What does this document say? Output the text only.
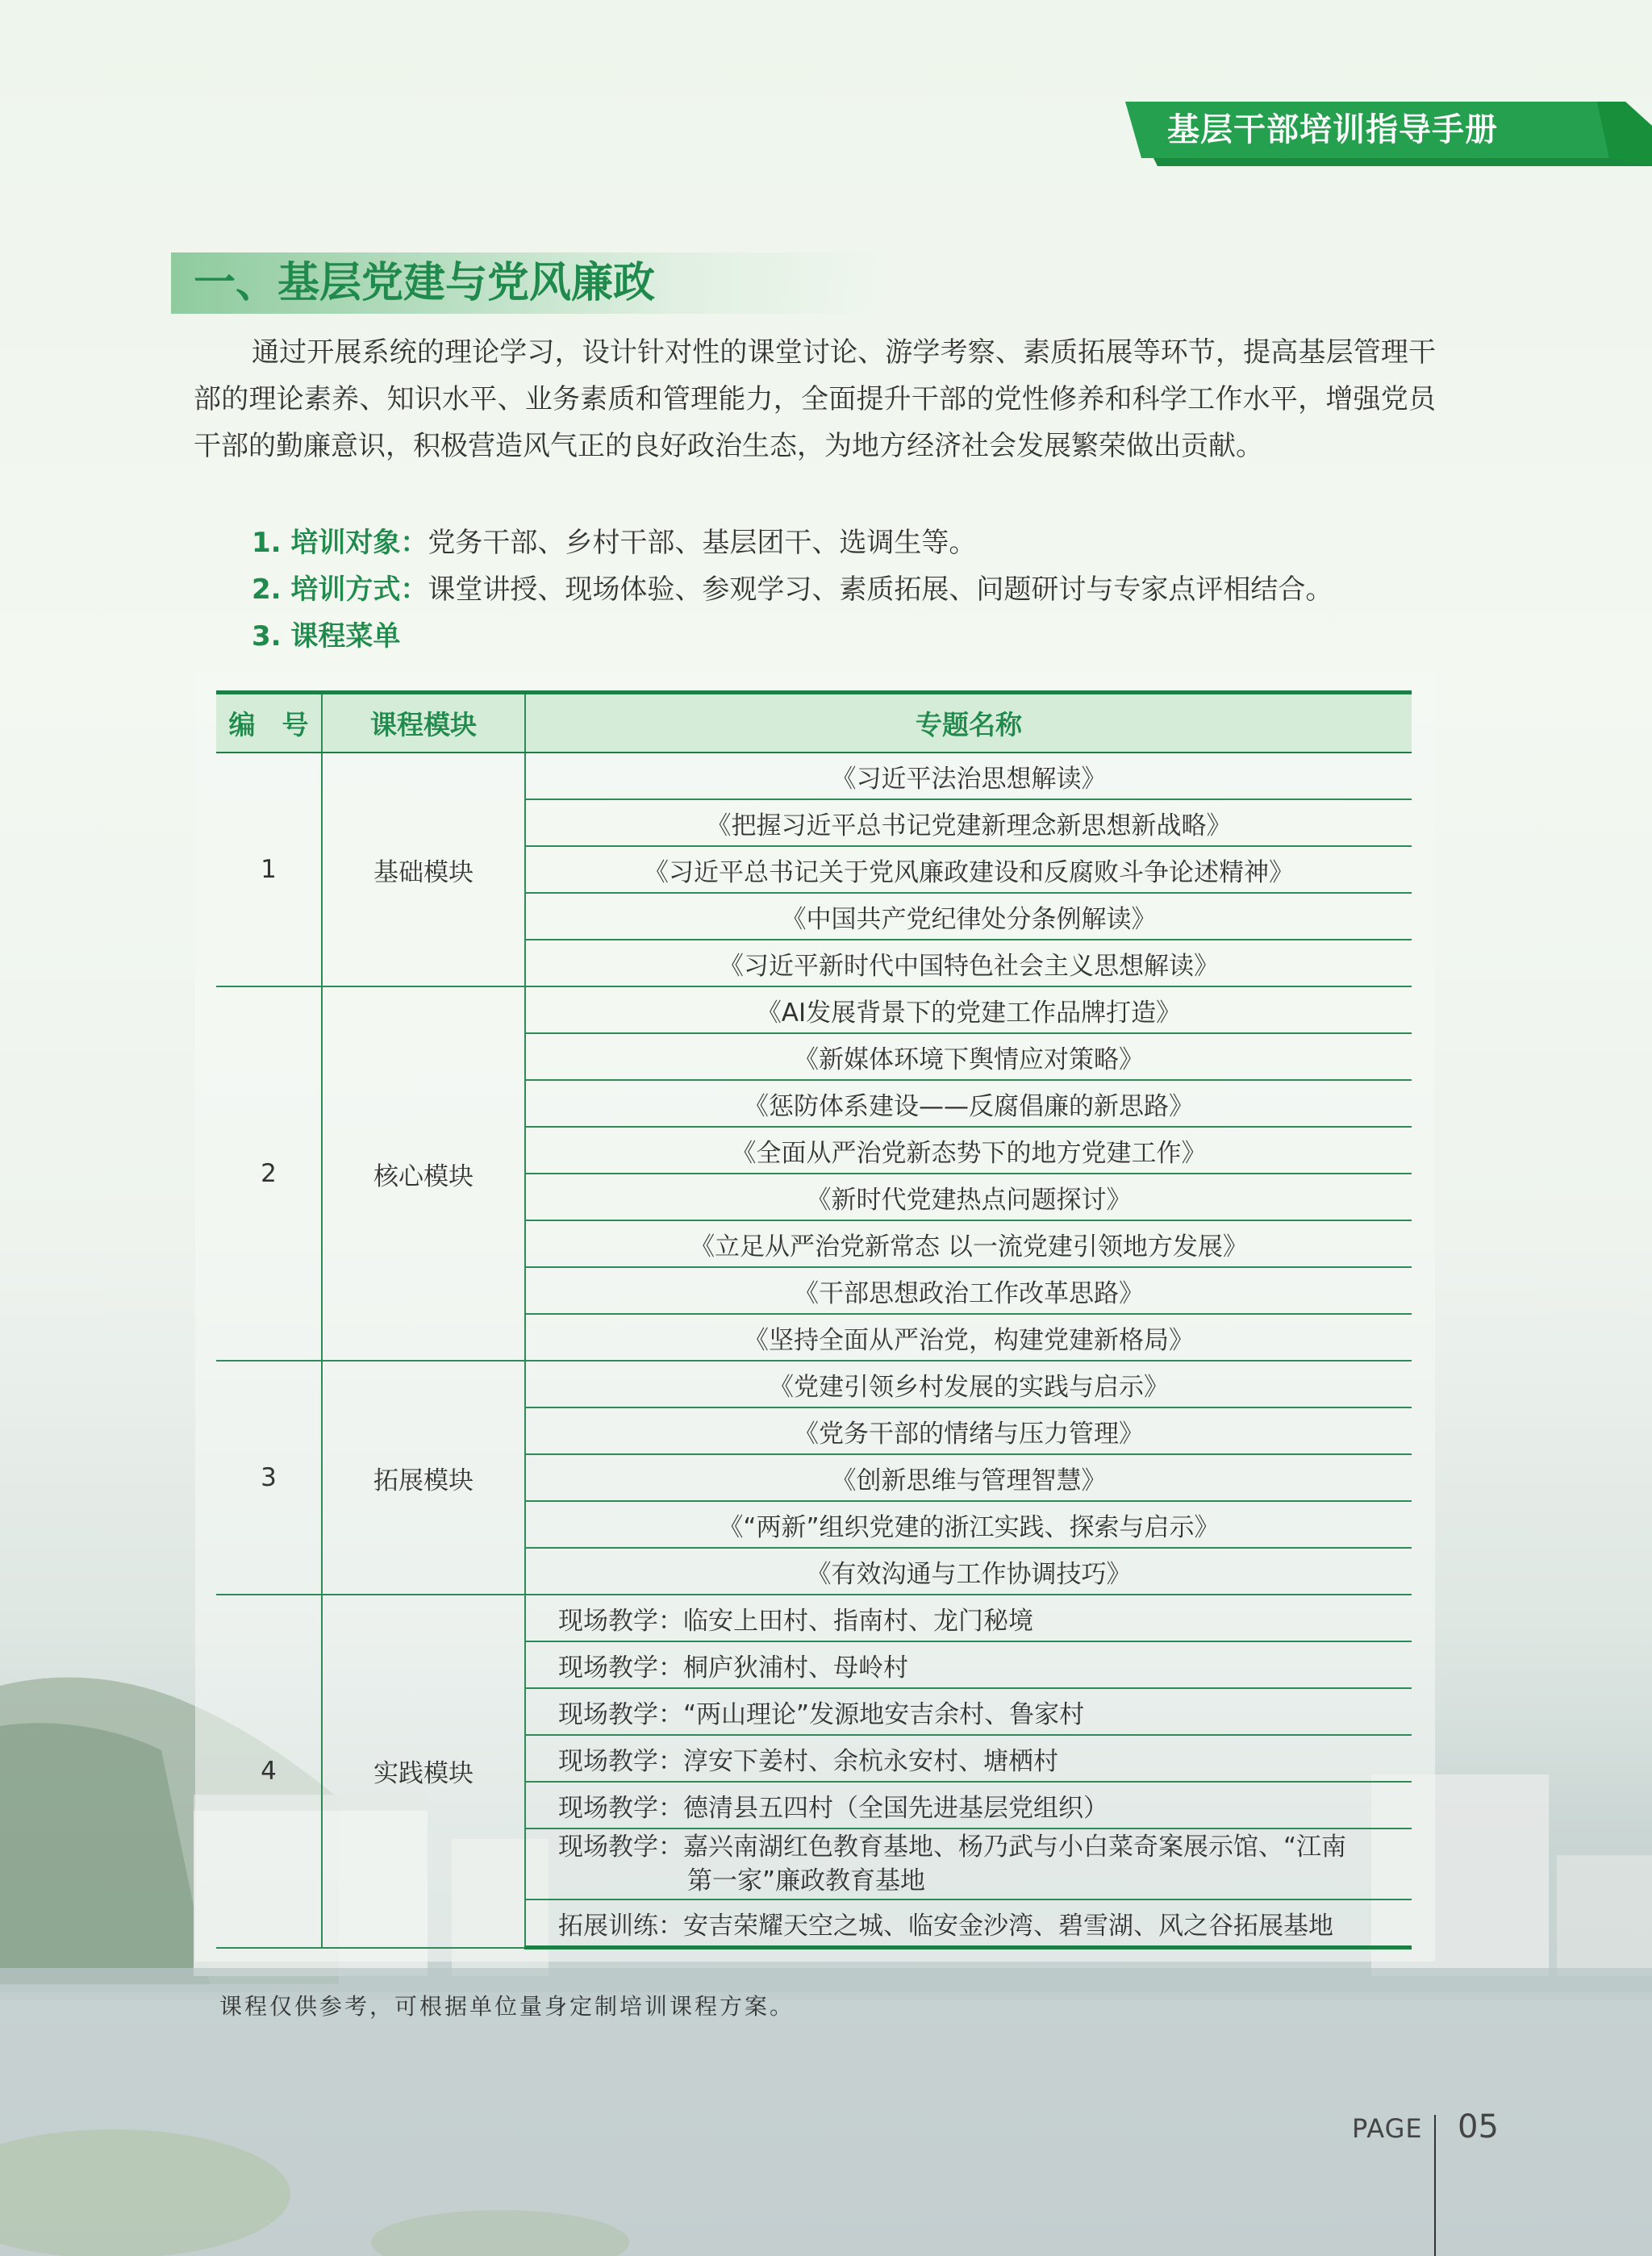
基层干部培训指导手册
一、基层党建与党风廉政
通过开展系统的理论学习，设计针对性的课堂讨论、游学考察、素质拓展等环节，提高基层管理干部的理论素养、知识水平、业务素质和管理能力，全面提升干部的党性修养和科学工作水平，增强党员干部的勤廉意识，积极营造风气正的良好政治生态，为地方经济社会发展繁荣做出贡献。
1. 培训对象：党务干部、乡村干部、基层团干、选调生等。
2. 培训方式：课堂讲授、现场体验、参观学习、素质拓展、问题研讨与专家点评相结合。
3. 课程菜单
编　号	课程模块	专题名称
1	基础模块	《习近平法治思想解读》
		《把握习近平总书记党建新理念新思想新战略》
		《习近平总书记关于党风廉政建设和反腐败斗争论述精神》
		《中国共产党纪律处分条例解读》
		《习近平新时代中国特色社会主义思想解读》
2	核心模块	《AI发展背景下的党建工作品牌打造》
		《新媒体环境下舆情应对策略》
		《惩防体系建设——反腐倡廉的新思路》
		《全面从严治党新态势下的地方党建工作》
		《新时代党建热点问题探讨》
		《立足从严治党新常态 以一流党建引领地方发展》
		《干部思想政治工作改革思路》
		《坚持全面从严治党，构建党建新格局》
3	拓展模块	《党建引领乡村发展的实践与启示》
		《党务干部的情绪与压力管理》
		《创新思维与管理智慧》
		《“两新”组织党建的浙江实践、探索与启示》
		《有效沟通与工作协调技巧》
4	实践模块	现场教学：临安上田村、指南村、龙门秘境
		现场教学：桐庐狄浦村、母岭村
		现场教学：“两山理论”发源地安吉余村、鲁家村
		现场教学：淳安下姜村、余杭永安村、塘栖村
		现场教学：德清县五四村（全国先进基层党组织）

		现场教学：嘉兴南湖红色教育基地、杨乃武与小白菜奇案展示馆、“江南
第一家”廉政教育基地

		拓展训练：安吉荣耀天空之城、临安金沙湾、碧雪湖、风之谷拓展基地
课程仅供参考，可根据单位量身定制培训课程方案。
PAGE 05
